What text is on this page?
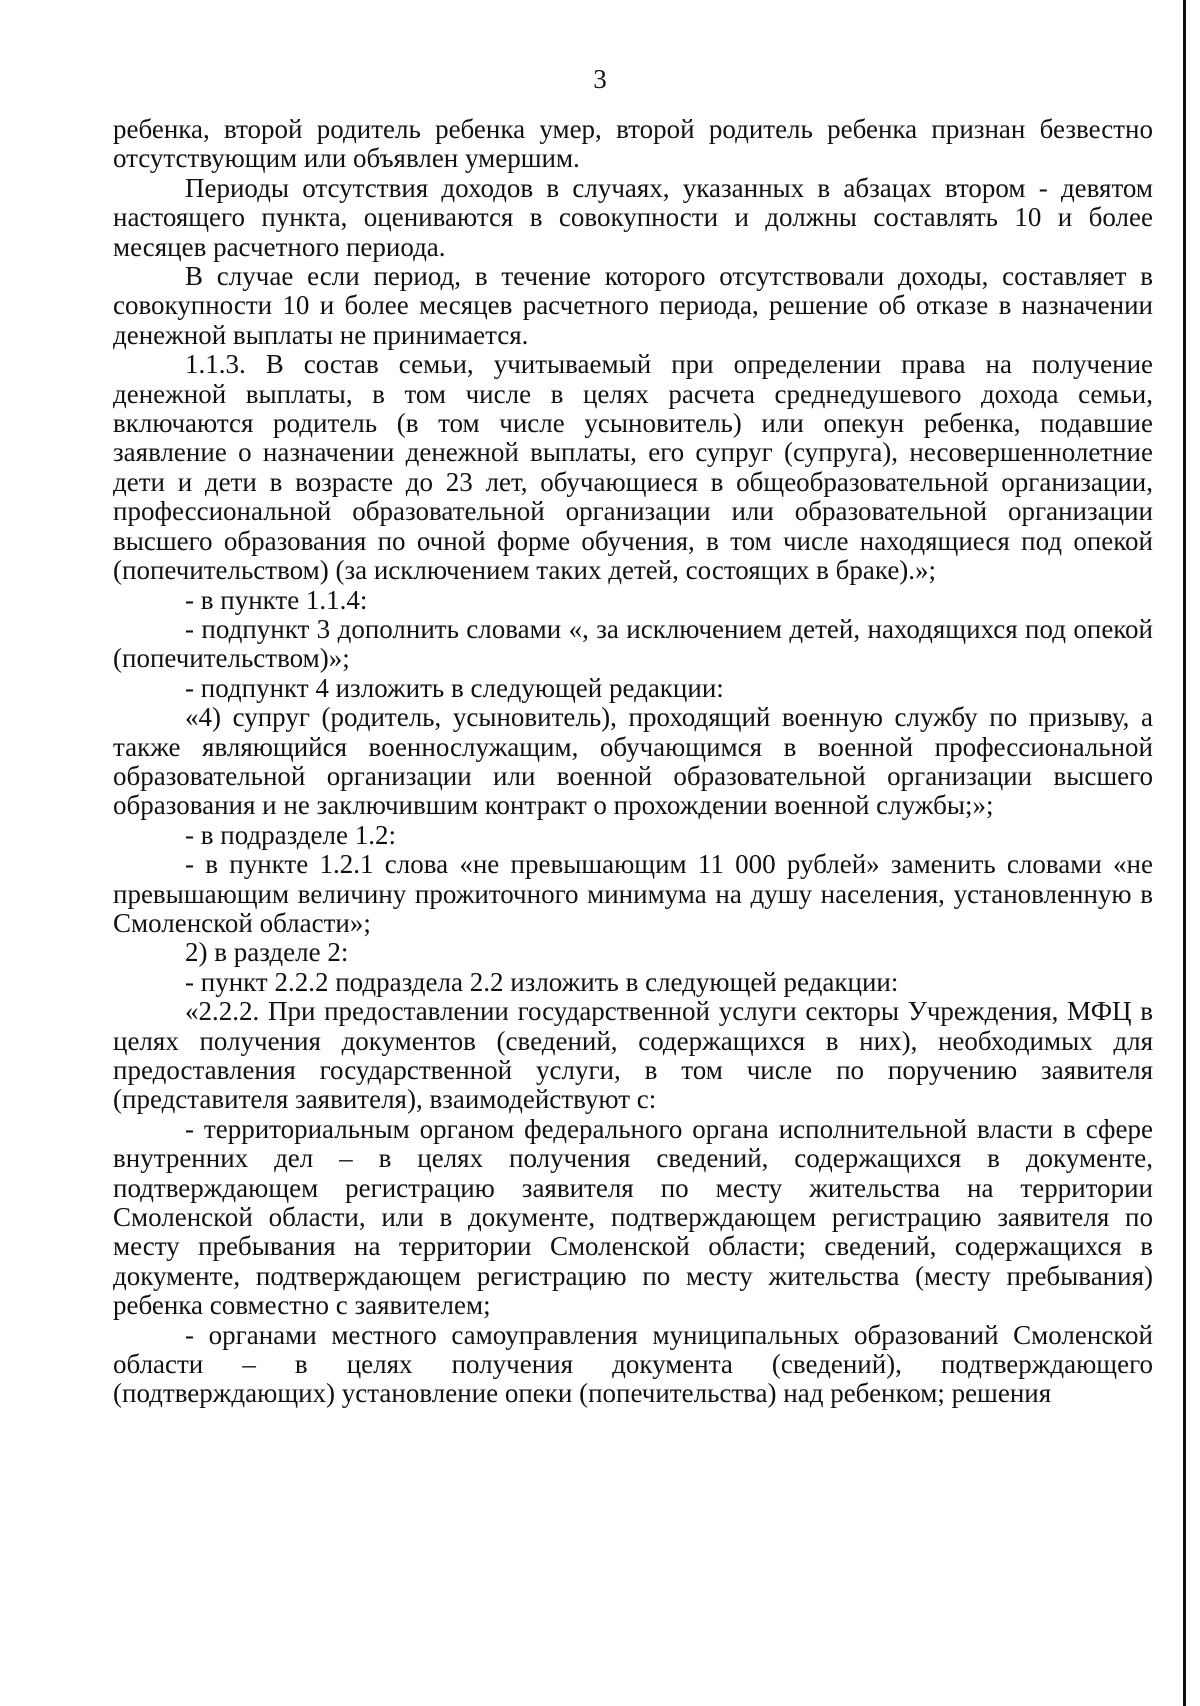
3

ребенка, второй родитель ребенка умер, второй родитель ребенка признан безвестно отсутствующим или объявлен умершим.

Периоды отсутствия доходов в случаях, указанных в абзацах втором - девятом настоящего пункта, оцениваются в совокупности и должны составлять 10 и более месяцев расчетного периода.

В случае если период, в течение которого отсутствовали доходы, составляет в совокупности 10 и более месяцев расчетного периода, решение об отказе в назначении денежной выплаты не принимается.

1.1.3. В состав семьи, учитываемый при определении права на получение денежной выплаты, в том числе в целях расчета среднедушевого дохода семьи, включаются родитель (в том числе усыновитель) или опекун ребенка, подавшие заявление о назначении денежной выплаты, его супруг (супруга), несовершеннолетние дети и дети в возрасте до 23 лет, обучающиеся в общеобразовательной организации, профессиональной образовательной организации или образовательной организации высшего образования по очной форме обучения, в том числе находящиеся под опекой (попечительством) (за исключением таких детей, состоящих в браке).»;

- в пункте 1.1.4:

- подпункт 3 дополнить словами «, за исключением детей, находящихся под опекой (попечительством)»;

- подпункт 4 изложить в следующей редакции:

«4) супруг (родитель, усыновитель), проходящий военную службу по призыву, а также являющийся военнослужащим, обучающимся в военной профессиональной образовательной организации или военной образовательной организации высшего образования и не заключившим контракт о прохождении военной службы;»;

- в подразделе 1.2:

- в пункте 1.2.1 слова «не превышающим 11 000 рублей» заменить словами «не превышающим величину прожиточного минимума на душу населения, установленную в Смоленской области»;

2) в разделе 2:

- пункт 2.2.2 подраздела 2.2 изложить в следующей редакции:

«2.2.2. При предоставлении государственной услуги секторы Учреждения, МФЦ в целях получения документов (сведений, содержащихся в них), необходимых для предоставления государственной услуги, в том числе по поручению заявителя (представителя заявителя), взаимодействуют с:

- территориальным органом федерального органа исполнительной власти в сфере внутренних дел – в целях получения сведений, содержащихся в документе, подтверждающем регистрацию заявителя по месту жительства на территории Смоленской области, или в документе, подтверждающем регистрацию заявителя по месту пребывания на территории Смоленской области; сведений, содержащихся в документе, подтверждающем регистрацию по месту жительства (месту пребывания) ребенка совместно с заявителем;

- органами местного самоуправления муниципальных образований Смоленской области – в целях получения документа (сведений), подтверждающего (подтверждающих) установление опеки (попечительства) над ребенком; решения
